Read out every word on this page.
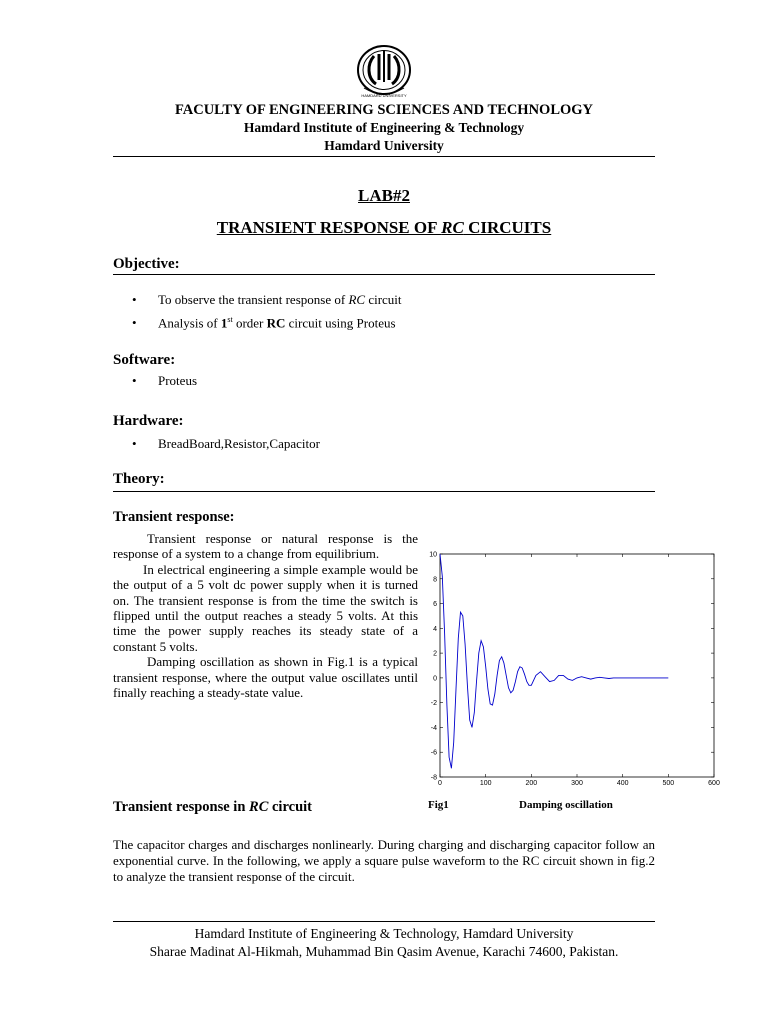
HAMDARD UNIVERSITY
FACULTY OF ENGINEERING SCIENCES AND TECHNOLOGY
Hamdard Institute of Engineering & Technology
Hamdard University
LAB#2
TRANSIENT RESPONSE OF RC CIRCUITS
Objective:
• To observe the transient response of RC circuit
• Analysis of 1st order RC circuit using Proteus
Software:
• Proteus
Hardware:
• BreadBoard,Resistor,Capacitor
Theory:
Transient response:

Transient response or natural response is the response of a system to a change from equilibrium.

In electrical engineering a simple example would be the output of a 5 volt dc power supply when it is turned on. The transient response is from the time the switch is flipped until the output reaches a steady 5 volts. At this time the power supply reaches its steady state of a constant 5 volts.

Damping oscillation as shown in Fig.1 is a typical transient response, where the output value oscillates until finally reaching a steady-state value.

0	100	200	300	400	500	600
10
8
6
4
2
0
-2
-4
-6
-8
Fig1	Damping oscillation
Transient response in RC circuit
The capacitor charges and discharges nonlinearly. During charging and discharging capacitor follow an exponential curve. In the following, we apply a square pulse waveform to the RC circuit shown in fig.2 to analyze the transient response of the circuit.
Hamdard Institute of Engineering & Technology, Hamdard University
Sharae Madinat Al-Hikmah, Muhammad Bin Qasim Avenue, Karachi 74600, Pakistan.
